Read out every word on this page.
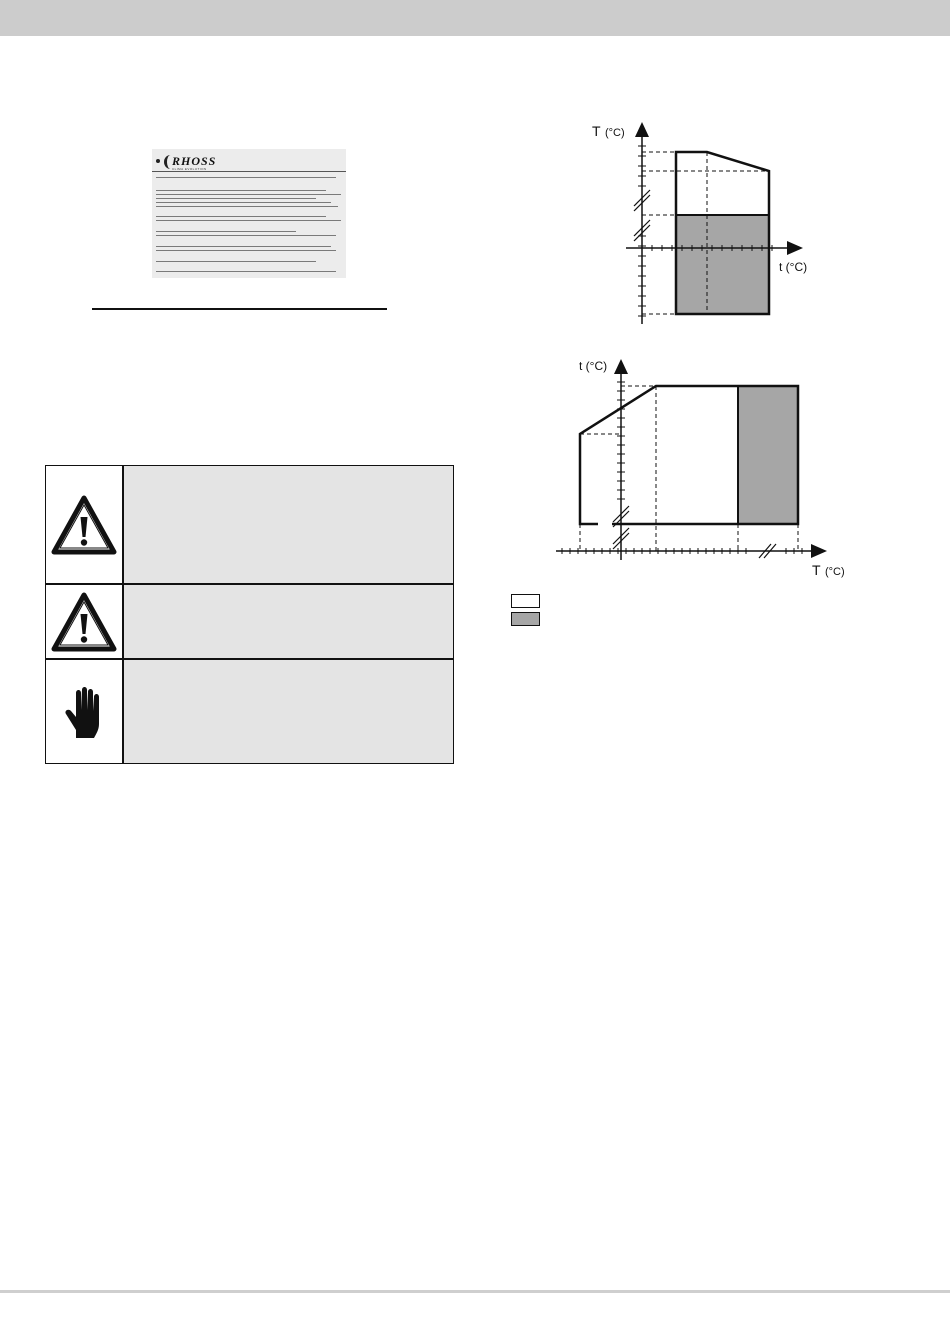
RHOSS
CLIMA EVOLUTION
T (°C)
t (°C)
t (°C)
T (°C)
